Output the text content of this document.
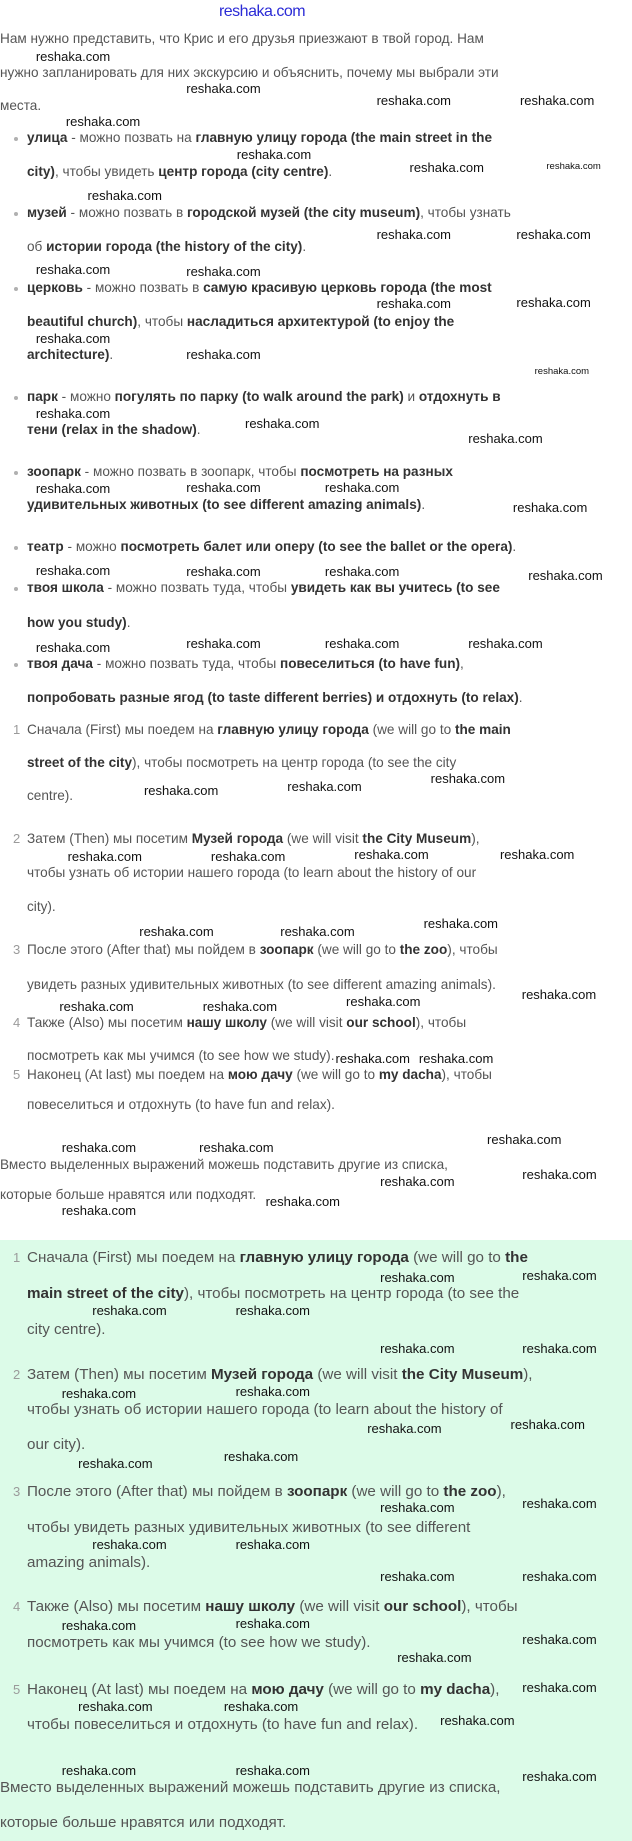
reshaka.com
Нам нужно представить, что Крис и его друзья приезжают в твой город. Нам
нужно запланировать для них экскурсию и объяснить, почему мы выбрали эти
места.
улица - можно позвать на главную улицу города (the main street in the
city), чтобы увидеть центр города (city centre).
музей - можно позвать в городской музей (the city museum), чтобы узнать
об истории города (the history of the city).
церковь - можно позвать в самую красивую церковь города (the most
beautiful church), чтобы насладиться архитектурой (to enjoy the
architecture).
парк - можно погулять по парку (to walk around the park) и отдохнуть в
тени (relax in the shadow).
зоопарк - можно позвать в зоопарк, чтобы посмотреть на разных
удивительных животных (to see different amazing animals).
театр - можно посмотреть балет или оперу (to see the ballet or the opera).
твоя школа - можно позвать туда, чтобы увидеть как вы учитесь (to see
how you study).
твоя дача - можно позвать туда, чтобы повеселиться (to have fun),
попробовать разные ягод (to taste different berries) и отдохнуть (to relax).
1 Сначала (First) мы поедем на главную улицу города (we will go to the main
street of the city), чтобы посмотреть на центр города (to see the city
centre).
2 Затем (Then) мы посетим Музей города (we will visit the City Museum),
чтобы узнать об истории нашего города (to learn about the history of our
city).
3 После этого (After that) мы пойдем в зоопарк (we will go to the zoo), чтобы
увидеть разных удивительных животных (to see different amazing animals).
4 Также (Also) мы посетим нашу школу (we will visit our school), чтобы
посмотреть как мы учимся (to see how we study).
5 Наконец (At last) мы поедем на мою дачу (we will go to my dacha), чтобы
повеселиться и отдохнуть (to have fun and relax).
Вместо выделенных выражений можешь подставить другие из списка,
которые больше нравятся или подходят.
1 Сначала (First) мы поедем на главную улицу города (we will go to the
main street of the city), чтобы посмотреть на центр города (to see the
city centre).
2 Затем (Then) мы посетим Музей города (we will visit the City Museum),
чтобы узнать об истории нашего города (to learn about the history of
our city).
3 После этого (After that) мы пойдем в зоопарк (we will go to the zoo),
чтобы увидеть разных удивительных животных (to see different
amazing animals).
4 Также (Also) мы посетим нашу школу (we will visit our school), чтобы
посмотреть как мы учимся (to see how we study).
5 Наконец (At last) мы поедем на мою дачу (we will go to my dacha),
чтобы повеселиться и отдохнуть (to have fun and relax).
Вместо выделенных выражений можешь подставить другие из списка,
которые больше нравятся или подходят.
reshaka.com
reshaka.com
reshaka.com	reshaka.com
reshaka.com
reshaka.com
reshaka.com	reshaka.com
reshaka.com
reshaka.com	reshaka.com
reshaka.com	reshaka.com
reshaka.com	reshaka.com
reshaka.com
reshaka.com
reshaka.com
reshaka.com
reshaka.com
reshaka.com
reshaka.com	reshaka.com	reshaka.com
reshaka.com
reshaka.com	reshaka.com	reshaka.com	reshaka.com
reshaka.com	reshaka.com	reshaka.com	reshaka.com
reshaka.com	reshaka.com
reshaka.com
reshaka.com	reshaka.com	reshaka.com	reshaka.com
reshaka.com
reshaka.com	reshaka.com
reshaka.com	reshaka.com	reshaka.com	reshaka.com
reshaka.com reshaka.com
reshaka.com	reshaka.com
reshaka.com
reshaka.com	reshaka.com
reshaka.com
reshaka.com
reshaka.com	reshaka.com
reshaka.com	reshaka.com
reshaka.com	reshaka.com
reshaka.com	reshaka.com
reshaka.com	reshaka.com
reshaka.com	reshaka.com
reshaka.com	reshaka.com
reshaka.com	reshaka.com
reshaka.com	reshaka.com
reshaka.com	reshaka.com
reshaka.com
reshaka.com
reshaka.com	reshaka.com
reshaka.com
reshaka.com
reshaka.com	reshaka.com	reshaka.com
